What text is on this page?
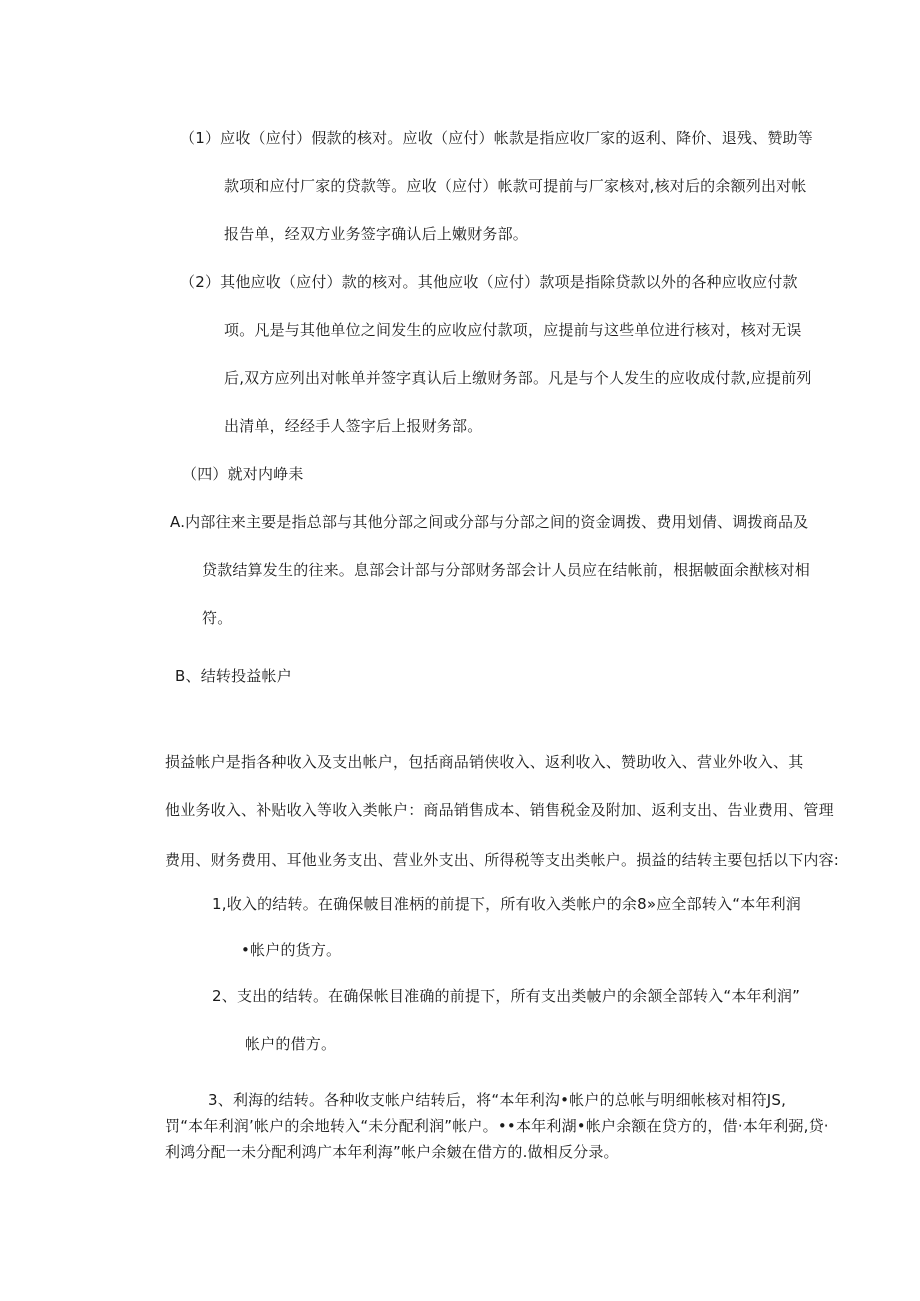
（1）应收（应付）假款的核对。应收（应付）帐款是指应收厂家的返利、降价、退残、赞助等
款项和应付厂家的贷款等。应收（应付）帐款可提前与厂家核对,核对后的余额列出对帐
报告单，经双方业务签字确认后上嫩财务部。
（2）其他应收（应付）款的核对。其他应收（应付）款项是指除贷款以外的各种应收应付款
项。凡是与其他单位之间发生的应收应付款项，应提前与这些单位进行核对，核对无误
后,双方应列出对帐单并签字真认后上缴财务部。凡是与个人发生的应收成付款,应提前列
出清单，经经手人签字后上报财务部。
（四）就对内峥耒
A.内部往来主要是指总部与其他分部之间或分部与分部之间的资金调拨、费用划倩、调拨商品及
贷款结算发生的往来。息部会计部与分部财务部会计人员应在结帐前，根据帔面余猷核对相
符。
B、结转投益帐户
损益帐户是指各种收入及支出帐户，包括商品销侠收入、返利收入、赞助收入、营业外收入、其
他业务收入、补贴收入等收入类帐户：商品销售成本、销售税金及附加、返利支出、告业费用、管理
费用、财务费用、耳他业务支出、营业外支出、所得税等支出类帐户。损益的结转主要包括以下内容:
1,收入的结转。在确保帔目准柄的前提下，所有收入类帐户的余8»应全部转入“本年利润
•帐户的货方。
2、支出的结转。在确保帐目准确的前提下，所有支出类帔户的余颔全部转入“本年利润”
帐户的借方。
3、利海的结转。各种收支帐户结转后，将“本年利沟•帐户的总帐与明细帐核对相符JS,
罚“本年利润’帐户的余地转入“未分配利润”帐户。••本年利湖•帐户余额在贷方的，借·本年利弼,贷·
利鸿分配一未分配利鸿广本年利海”帐户余皴在借方的.做相反分录。
